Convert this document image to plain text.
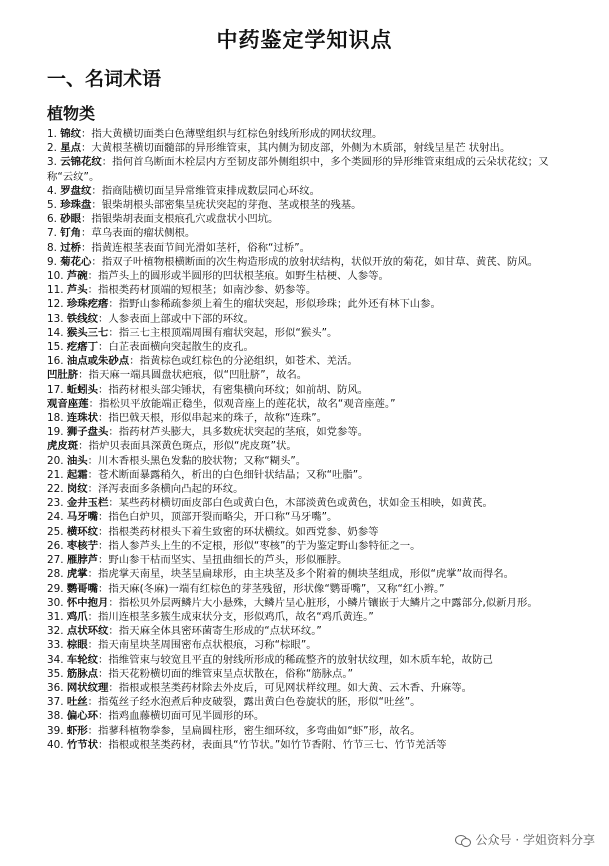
中药鉴定学知识点
一、名词术语
植物类

1. 锦纹：指大黄横切面类白色薄壁组织与红棕色射线所形成的网状纹理。

2. 星点：大黄根茎横切面髓部的异形维管束，其内侧为韧皮部，外侧为木质部，射线呈星芒 状射出。

3. 云锦花纹：指何首乌断面木栓层内方至韧皮部外侧组织中，多个类圆形的异形维管束组成的云朵状花纹；又称“云纹”。

4. 罗盘纹：指商陆横切面呈异常维管束排成数层同心环纹。

5. 珍珠盘：银柴胡根头部密集呈疣状突起的芽孢、茎或根茎的残基。

6. 砂眼：指银柴胡表面支根痕孔穴或盘状小凹坑。

7. 钉角：草乌表面的瘤状侧根。

8. 过桥：指黄连根茎表面节间光滑如茎杆，俗称“过桥”。

9. 菊花心：指双子叶植物根横断面的次生构造形成的放射状结构，状似开放的菊花，如甘草、黄芪、防风。

10. 芦碗：指芦头上的圆形或半圆形的凹状根茎痕。如野生枯梗、人参等。

11. 芦头：指根类药材顶端的短根茎；如南沙参、奶参等。

12. 珍珠疙瘩：指野山参稀疏参须上着生的瘤状突起，形似珍珠；此外还有林下山参。

13. 铁线纹：人参表面上部或中下部的环纹。

14. 猴头三七：指三七主根顶端周围有瘤状突起，形似“猴头”。

15. 疙瘩丁：白芷表面横向突起散生的皮孔。

16. 油点或朱砂点：指黄棕色或红棕色的分泌组织，如苍术、羌活。

凹肚脐：指天麻一端具圆盘状疤痕，似“凹肚脐”，故名。

17. 蚯蚓头：指药材根头部尖锤状，有密集横向环纹；如前胡、防风。

观音座莲：指松贝平放能端正稳坐，似观音座上的莲花状，故名“观音座莲。”

18. 连珠状：指巴戟天根，形似串起来的珠子，故称“连珠”。

19. 狮子盘头：指药材芦头膨大，具多数疣状突起的茎痕，如党参等。

虎皮斑：指炉贝表面具深黄色斑点，形似“虎皮斑”状。

20. 油头：川木香根头黑色发黏的胶状物；又称“糊头”。

21. 起霜：苍术断面暴露稍久，析出的白色细针状结晶；又称“吐脂”。

22. 岗纹：泽泻表面多条横向凸起的环纹。

23. 金井玉栏：某些药材横切面皮部白色或黄白色，木部淡黄色或黄色，状如金玉相映，如黄芪。

24. 马牙嘴：指色白炉贝，顶部开裂而略尖，开口称“马牙嘴”。

25. 横环纹：指根类药材根头下着生致密的环状横纹。如西党参、奶参等

26. 枣核艼：指人参芦头上生的不定根，形似“枣核”的艼为鉴定野山参特征之一。

27. 雁脖芦：野山参干枯而坚实、呈扭曲细长的芦头，形似雁脖。

28. 虎掌：指虎掌天南星，块茎呈扁球形，由主块茎及多个附着的侧块茎组成，形似“虎掌”故而得名。

29. 鹦哥嘴：指天麻(冬麻)一端有红棕色的芽茎残留，形状像“鹦哥嘴”，又称“红小辫。”

30. 怀中抱月：指松贝外层两鳞片大小悬殊，大鳞片呈心脏形，小鳞片镶嵌于大鳞片之中露部分,似新月形。

31. 鸡爪：指川连根茎多簇生成束状分支，形似鸡爪，故名“鸡爪黄连。”

32. 点状环纹：指天麻全体具密环菌寄生形成的“点状环纹。”

33. 棕眼：指天南星块茎周围密布点状根痕，习称“棕眼”。

34. 车轮纹：指维管束与较宽且平直的射线所形成的稀疏整齐的放射状纹理，如木质车轮，故防己

35. 筋脉点：指天花粉横切面的维管束呈点状散在，俗称“筋脉点。”

36. 网状纹理：指根或根茎类药材除去外皮后，可见网状样纹理。如大黄、云木香、升麻等。

37. 吐丝：指菟丝子经水泡煮后种皮破裂，露出黄白色卷旋状的胚，形似“吐丝”。

38. 偏心环：指鸡血藤横切面可见半圆形的环。

39. 虾形：指蓼科植物拳参，呈扁圆柱形，密生细环纹，多弯曲如“虾”形，故名。

40. 竹节状：指根或根茎类药材，表面具“竹节状。”如竹节香附、竹节三七、竹节羌活等

公众号 · 学姐资料分享
